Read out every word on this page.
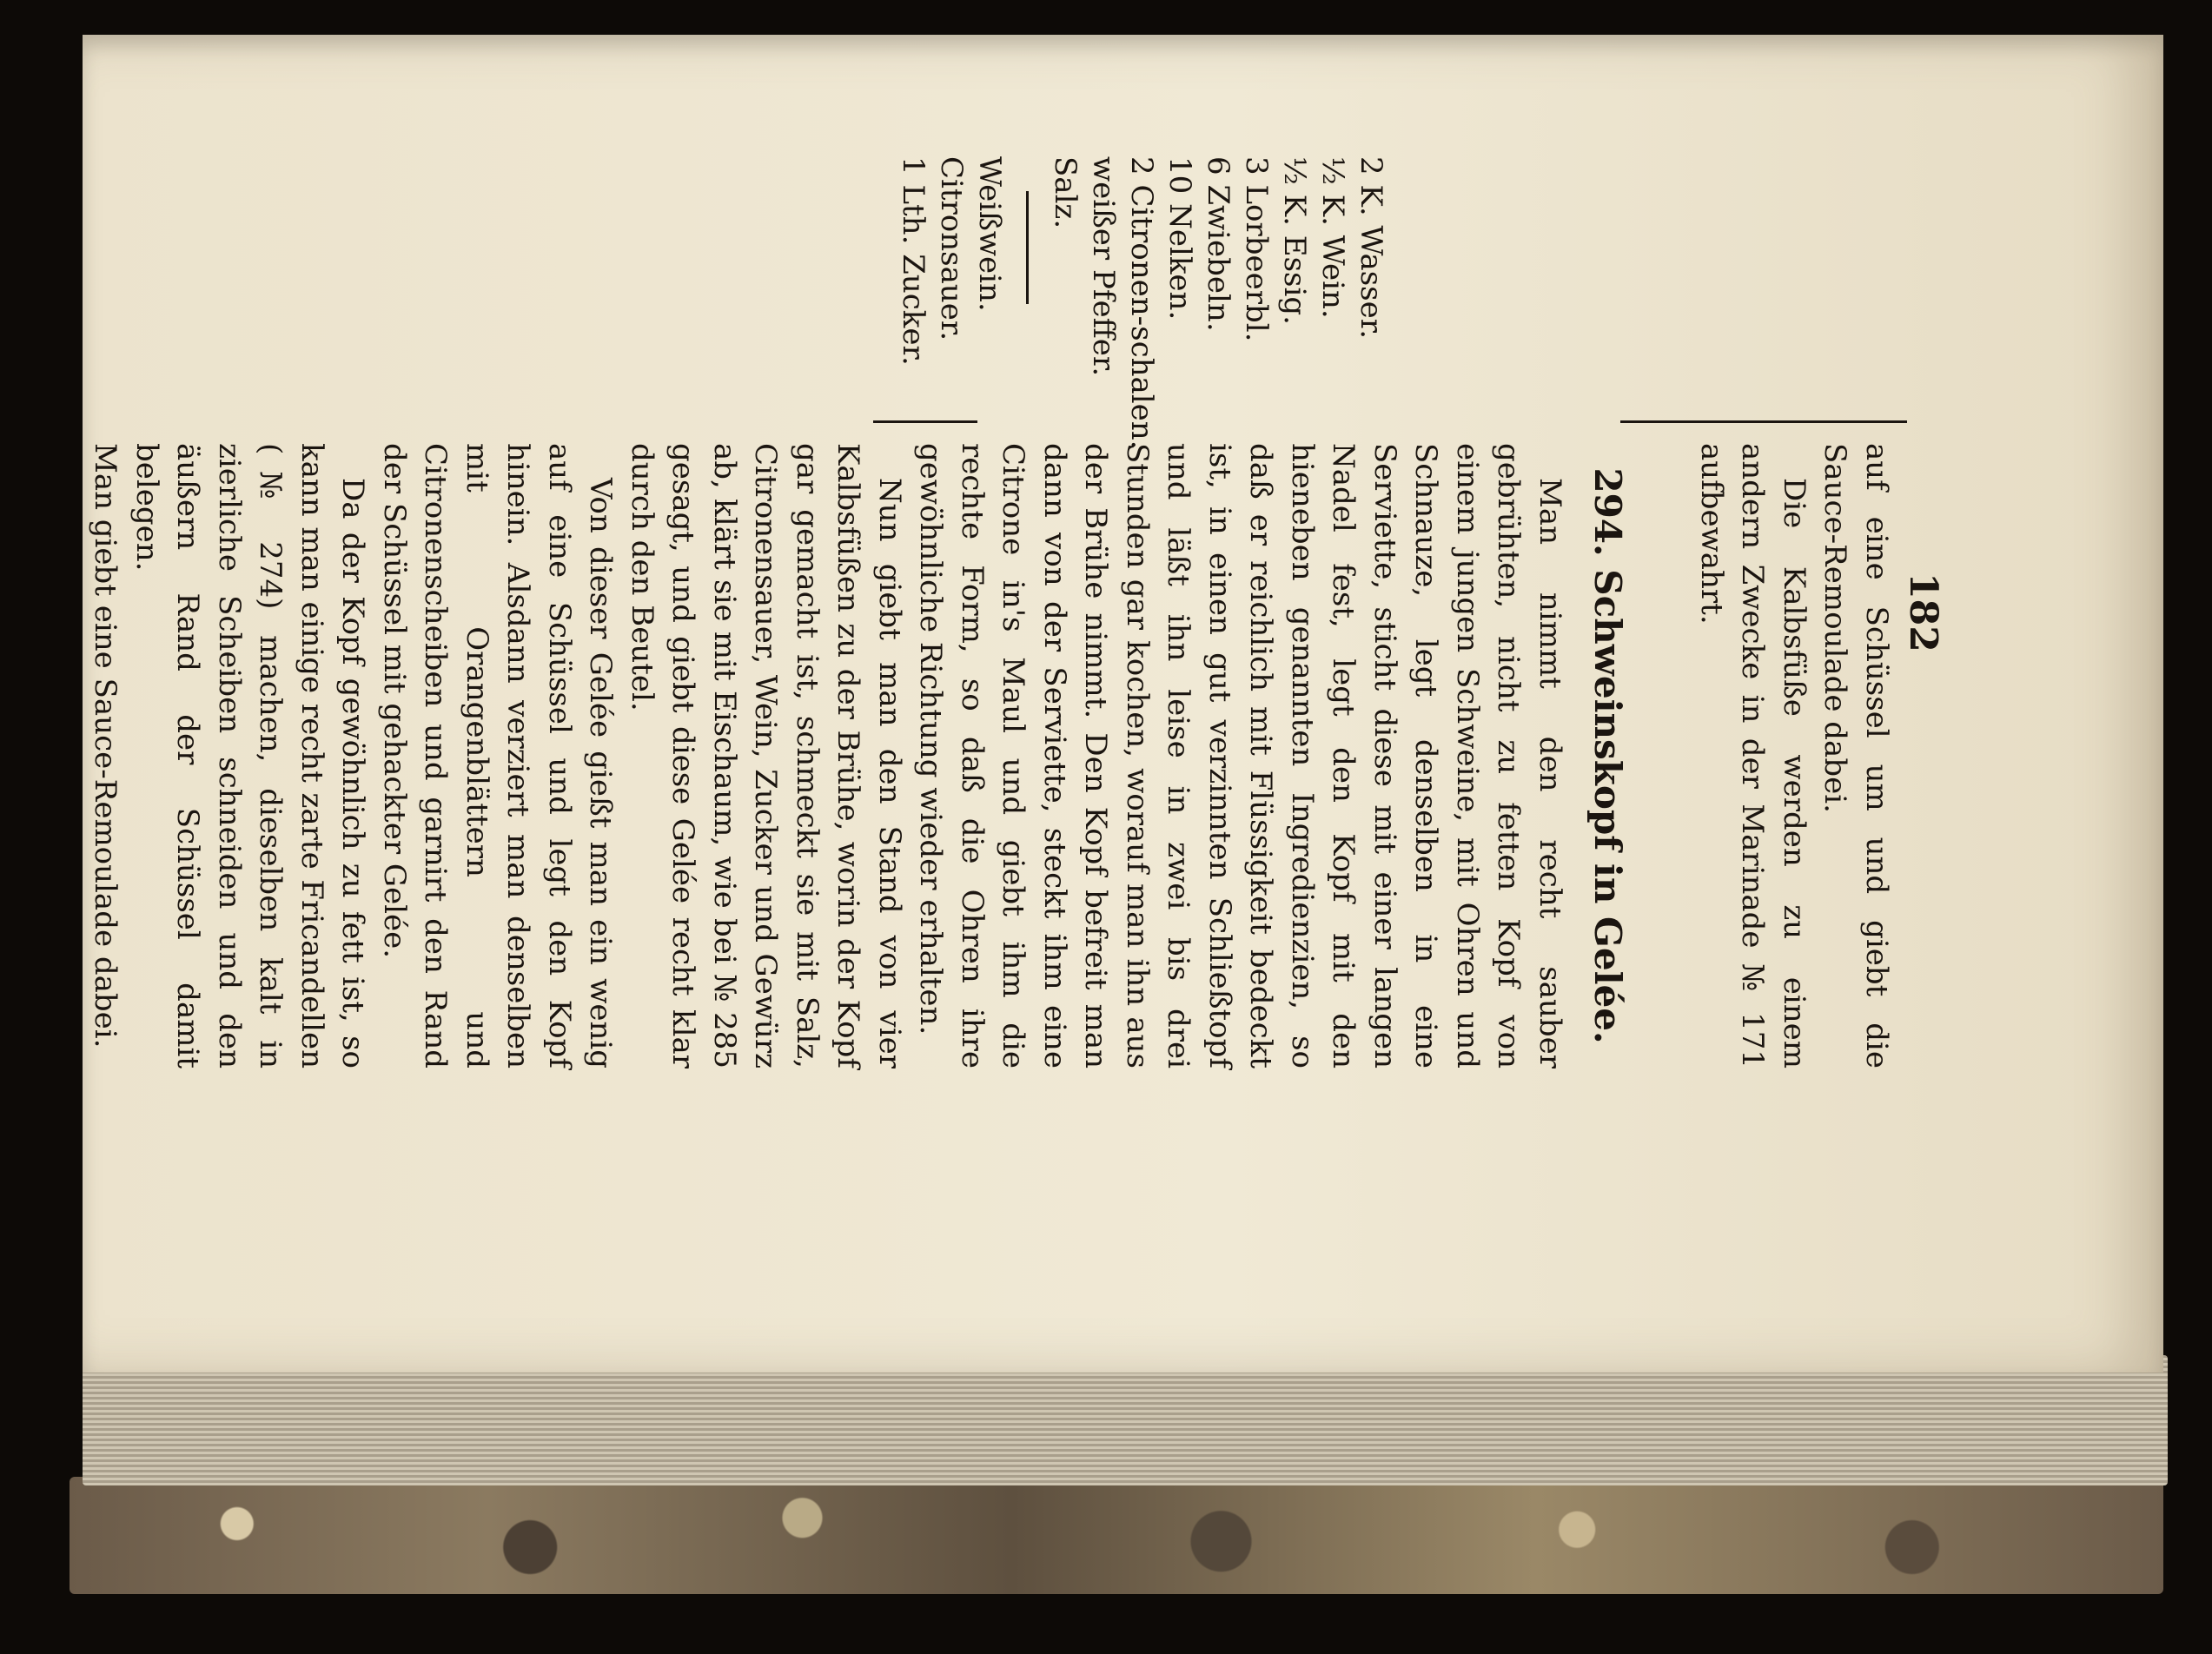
182

auf eine Schüssel um und giebt die Sauce-Remoulade dabei.

Die Kalbsfüße werden zu einem andern Zwecke in der Marinade № 171 aufbewahrt.

294. Schweinskopf in Gelée.
2 K. Wasser.
½ K. Wein.
½ K. Essig.
3 Lorbeerbl.
6 Zwiebeln.
10 Nelken.
2 Citronen-schalen.
weißer Pfeffer.
Salz.
Weißwein.
Citronsauer.
1 Lth. Zucker.

Man nimmt den recht sauber gebrühten, nicht zu fetten Kopf von einem jungen Schweine, mit Ohren und Schnauze, legt denselben in eine Serviette, sticht diese mit einer langen Nadel fest, legt den Kopf mit den hieneben genannten Ingredienzien, so daß er reichlich mit Flüssigkeit bedeckt ist, in einen gut verzinnten Schließtopf und läßt ihn leise in zwei bis drei Stunden gar kochen, worauf man ihn aus der Brühe nimmt. Den Kopf befreit man dann von der Serviette, steckt ihm eine Citrone in's Maul und giebt ihm die rechte Form, so daß die Ohren ihre gewöhnliche Richtung wieder erhalten.

Nun giebt man den Stand von vier Kalbsfüßen zu der Brühe, worin der Kopf gar gemacht ist, schmeckt sie mit Salz, Citronensauer, Wein, Zucker und Gewürz ab, klärt sie mit Eischaum, wie bei № 285 gesagt, und giebt diese Gelée recht klar durch den Beutel.

Von dieser Gelée gießt man ein wenig auf eine Schüssel und legt den Kopf hinein. Alsdann verziert man denselben mit Orangenblättern und Citronenscheiben und garnirt den Rand der Schüssel mit gehackter Gelée.

Da der Kopf gewöhnlich zu fett ist, so kann man einige recht zarte Fricandellen (№ 274) machen, dieselben kalt in zierliche Scheiben schneiden und den äußern Rand der Schüssel damit belegen.

Man giebt eine Sauce-Remoulade dabei.
